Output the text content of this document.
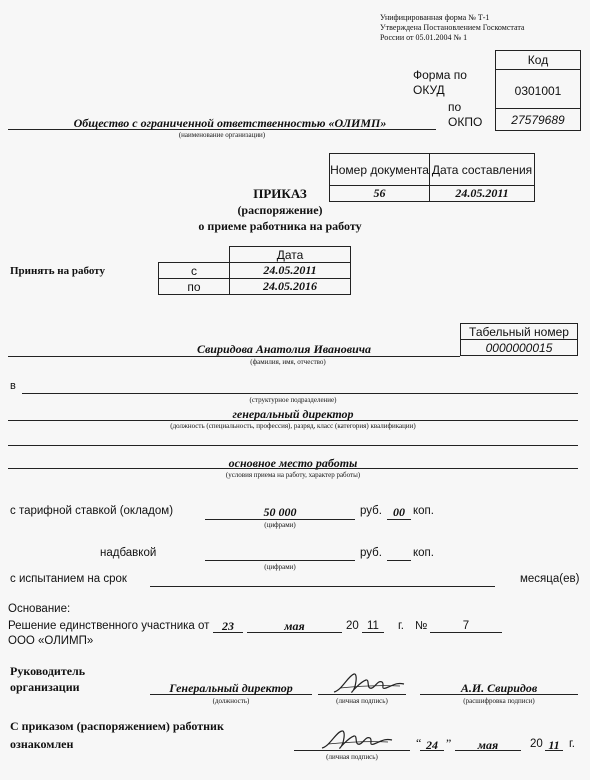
Унифицированная форма № Т-1
Утверждена Постановлением Госкомстата
России от 05.01.2004 № 1
Код
0301001
27579689
Форма по
ОКУД
по
ОКПО
Общество с ограниченной ответственностью «ОЛИМП»
(наименование организации)
Номер документа Дата составления
56	24.05.2011
ПРИКАЗ
(распоряжение)
о приеме работника на работу
Принять на работу
Дата
с	24.05.2011
по	24.05.2016
Табельный номер
0000000015
Свиридова Анатолия Ивановича
(фамилия, имя, отчество)
в
(структурное подразделение)
генеральный директор
(должность (специальность, профессия), разряд, класс (категория) квалификации)
основное место работы
(условия приема на работу, характер работы)
с тарифной ставкой (окладом)	50 000	руб. 00 коп.
(цифрами)
надбавкой	руб.	коп.
(цифрами)
с испытанием на срок	месяца(ев)
Основание:
Решение единственного участника от	23	мая	20 11	г. №	7
ООО «ОЛИМП»
Руководитель
организации	Генеральный директор
(должность)	(личная подпись)
А.И. Свиридов
(расшифровка подписи)
С приказом (распоряжением) работник
ознакомлен
(личная подпись)
“ 24 ”	мая	20 11 г.
